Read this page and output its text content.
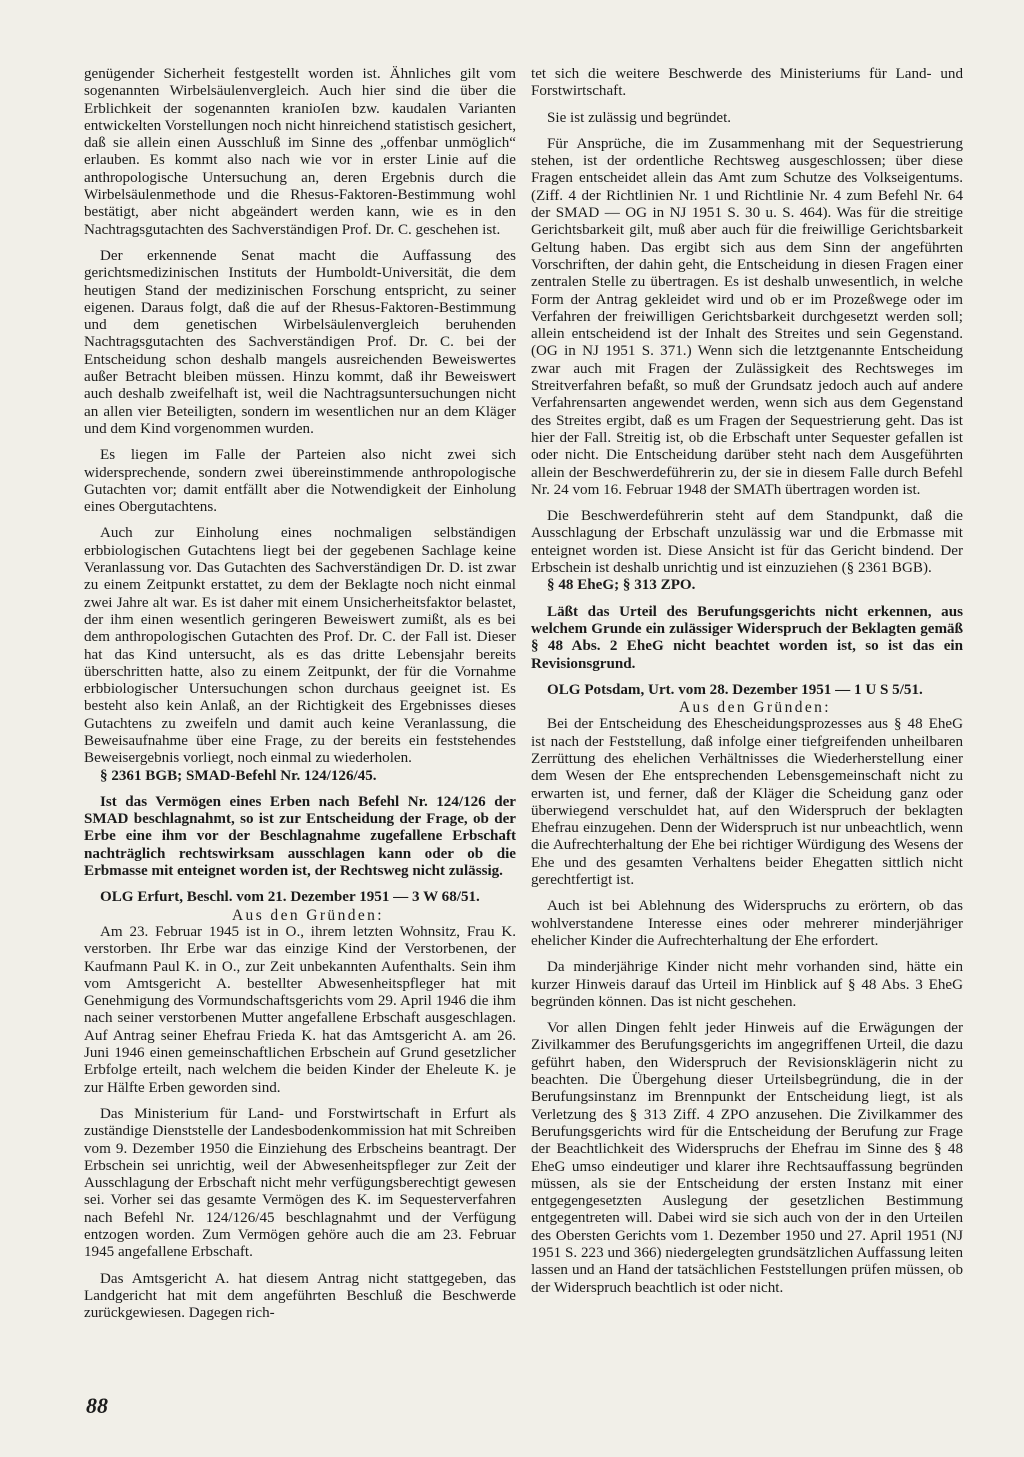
genügender Sicherheit festgestellt worden ist. Ähnliches gilt vom sogenannten Wirbelsäulenvergleich. Auch hier sind die über die Erblichkeit der sogenannten kranioIen bzw. kaudalen Varianten entwickelten Vorstellungen noch nicht hinreichend statistisch gesichert, daß sie allein einen Ausschluß im Sinne des „offenbar unmöglich“ erlauben. Es kommt also nach wie vor in erster Linie auf die anthropologische Untersuchung an, deren Ergebnis durch die Wirbelsäulenmethode und die Rhesus-Faktoren-Bestimmung wohl bestätigt, aber nicht abgeändert werden kann, wie es in den Nachtragsgutachten des Sachverständigen Prof. Dr. C. geschehen ist.

Der erkennende Senat macht die Auffassung des gerichtsmedizinischen Instituts der Humboldt-Universität, die dem heutigen Stand der medizinischen Forschung entspricht, zu seiner eigenen. Daraus folgt, daß die auf der Rhesus-Faktoren-Bestimmung und dem genetischen Wirbelsäulenvergleich beruhenden Nachtragsgutachten des Sachverständigen Prof. Dr. C. bei der Entscheidung schon deshalb mangels ausreichenden Beweiswertes außer Betracht bleiben müssen. Hinzu kommt, daß ihr Beweiswert auch deshalb zweifelhaft ist, weil die Nachtragsuntersuchungen nicht an allen vier Beteiligten, sondern im wesentlichen nur an dem Kläger und dem Kind vorgenommen wurden.

Es liegen im Falle der Parteien also nicht zwei sich widersprechende, sondern zwei übereinstimmende anthropologische Gutachten vor; damit entfällt aber die Notwendigkeit der Einholung eines Obergutachtens.

Auch zur Einholung eines nochmaligen selbständigen erbbiologischen Gutachtens liegt bei der gegebenen Sachlage keine Veranlassung vor. Das Gutachten des Sachverständigen Dr. D. ist zwar zu einem Zeitpunkt erstattet, zu dem der Beklagte noch nicht einmal zwei Jahre alt war. Es ist daher mit einem Unsicherheitsfaktor belastet, der ihm einen wesentlich geringeren Beweiswert zumißt, als es bei dem anthropologischen Gutachten des Prof. Dr. C. der Fall ist. Dieser hat das Kind untersucht, als es das dritte Lebensjahr bereits überschritten hatte, also zu einem Zeitpunkt, der für die Vornahme erbbiologischer Untersuchungen schon durchaus geeignet ist. Es besteht also kein Anlaß, an der Richtigkeit des Ergebnisses dieses Gutachtens zu zweifeln und damit auch keine Veranlassung, die Beweisaufnahme über eine Frage, zu der bereits ein feststehendes Beweisergebnis vorliegt, noch einmal zu wiederholen.

§ 2361 BGB; SMAD-Befehl Nr. 124/126/45.

Ist das Vermögen eines Erben nach Befehl Nr. 124/126 der SMAD beschlagnahmt, so ist zur Entscheidung der Frage, ob der Erbe eine ihm vor der Beschlagnahme zugefallene Erbschaft nachträglich rechtswirksam ausschlagen kann oder ob die Erbmasse mit enteignet worden ist, der Rechtsweg nicht zulässig.

OLG Erfurt, Beschl. vom 21. Dezember 1951 — 3 W 68/51.

Aus den Gründen:

Am 23. Februar 1945 ist in O., ihrem letzten Wohnsitz, Frau K. verstorben. Ihr Erbe war das einzige Kind der Verstorbenen, der Kaufmann Paul K. in O., zur Zeit unbekannten Aufenthalts. Sein ihm vom Amtsgericht A. bestellter Abwesenheitspfleger hat mit Genehmigung des Vormundschaftsgerichts vom 29. April 1946 die ihm nach seiner verstorbenen Mutter angefallene Erbschaft ausgeschlagen. Auf Antrag seiner Ehefrau Frieda K. hat das Amtsgericht A. am 26. Juni 1946 einen gemeinschaftlichen Erbschein auf Grund gesetzlicher Erbfolge erteilt, nach welchem die beiden Kinder der Eheleute K. je zur Hälfte Erben geworden sind.

Das Ministerium für Land- und Forstwirtschaft in Erfurt als zuständige Dienststelle der Landesbodenkommission hat mit Schreiben vom 9. Dezember 1950 die Einziehung des Erbscheins beantragt. Der Erbschein sei unrichtig, weil der Abwesenheitspfleger zur Zeit der Ausschlagung der Erbschaft nicht mehr verfügungsberechtigt gewesen sei. Vorher sei das gesamte Vermögen des K. im Sequesterverfahren nach Befehl Nr. 124/126/45 beschlagnahmt und der Verfügung entzogen worden. Zum Vermögen gehöre auch die am 23. Februar 1945 angefallene Erbschaft.

Das Amtsgericht A. hat diesem Antrag nicht stattgegeben, das Landgericht hat mit dem angeführten Beschluß die Beschwerde zurückgewiesen. Dagegen rich-

tet sich die weitere Beschwerde des Ministeriums für Land- und Forstwirtschaft.

Sie ist zulässig und begründet.

Für Ansprüche, die im Zusammenhang mit der Sequestrierung stehen, ist der ordentliche Rechtsweg ausgeschlossen; über diese Fragen entscheidet allein das Amt zum Schutze des Volkseigentums. (Ziff. 4 der Richtlinien Nr. 1 und Richtlinie Nr. 4 zum Befehl Nr. 64 der SMAD — OG in NJ 1951 S. 30 u. S. 464). Was für die streitige Gerichtsbarkeit gilt, muß aber auch für die freiwillige Gerichtsbarkeit Geltung haben. Das ergibt sich aus dem Sinn der angeführten Vorschriften, der dahin geht, die Entscheidung in diesen Fragen einer zentralen Stelle zu übertragen. Es ist deshalb unwesentlich, in welche Form der Antrag gekleidet wird und ob er im Prozeßwege oder im Verfahren der freiwilligen Gerichtsbarkeit durchgesetzt werden soll; allein entscheidend ist der Inhalt des Streites und sein Gegenstand. (OG in NJ 1951 S. 371.) Wenn sich die letztgenannte Entscheidung zwar auch mit Fragen der Zulässigkeit des Rechtsweges im Streitverfahren befaßt, so muß der Grundsatz jedoch auch auf andere Verfahrensarten angewendet werden, wenn sich aus dem Gegenstand des Streites ergibt, daß es um Fragen der Sequestrierung geht. Das ist hier der Fall. Streitig ist, ob die Erbschaft unter Sequester gefallen ist oder nicht. Die Entscheidung darüber steht nach dem Ausgeführten allein der Beschwerdeführerin zu, der sie in diesem Falle durch Befehl Nr. 24 vom 16. Februar 1948 der SMATh übertragen worden ist.

Die Beschwerdeführerin steht auf dem Standpunkt, daß die Ausschlagung der Erbschaft unzulässig war und die Erbmasse mit enteignet worden ist. Diese Ansicht ist für das Gericht bindend. Der Erbschein ist deshalb unrichtig und ist einzuziehen (§ 2361 BGB).

§ 48 EheG; § 313 ZPO.

Läßt das Urteil des Berufungsgerichts nicht erkennen, aus welchem Grunde ein zulässiger Widerspruch der Beklagten gemäß § 48 Abs. 2 EheG nicht beachtet worden ist, so ist das ein Revisionsgrund.

OLG Potsdam, Urt. vom 28. Dezember 1951 — 1 U S 5/51.

Aus den Gründen:

Bei der Entscheidung des Ehescheidungsprozesses aus § 48 EheG ist nach der Feststellung, daß infolge einer tiefgreifenden unheilbaren Zerrüttung des ehelichen Verhältnisses die Wiederherstellung einer dem Wesen der Ehe entsprechenden Lebensgemeinschaft nicht zu erwarten ist, und ferner, daß der Kläger die Scheidung ganz oder überwiegend verschuldet hat, auf den Widerspruch der beklagten Ehefrau einzugehen. Denn der Widerspruch ist nur unbeachtlich, wenn die Aufrechterhaltung der Ehe bei richtiger Würdigung des Wesens der Ehe und des gesamten Verhaltens beider Ehegatten sittlich nicht gerechtfertigt ist.

Auch ist bei Ablehnung des Widerspruchs zu erörtern, ob das wohlverstandene Interesse eines oder mehrerer minderjähriger ehelicher Kinder die Aufrechterhaltung der Ehe erfordert.

Da minderjährige Kinder nicht mehr vorhanden sind, hätte ein kurzer Hinweis darauf das Urteil im Hinblick auf § 48 Abs. 3 EheG begründen können. Das ist nicht geschehen.

Vor allen Dingen fehlt jeder Hinweis auf die Erwägungen der Zivilkammer des Berufungsgerichts im angegriffenen Urteil, die dazu geführt haben, den Widerspruch der Revisionsklägerin nicht zu beachten. Die Übergehung dieser Urteilsbegründung, die in der Berufungsinstanz im Brennpunkt der Entscheidung liegt, ist als Verletzung des § 313 Ziff. 4 ZPO anzusehen. Die Zivilkammer des Berufungsgerichts wird für die Entscheidung der Berufung zur Frage der Beachtlichkeit des Widerspruchs der Ehefrau im Sinne des § 48 EheG umso eindeutiger und klarer ihre Rechtsauffassung begründen müssen, als sie der Entscheidung der ersten Instanz mit einer entgegengesetzten Auslegung der gesetzlichen Bestimmung entgegentreten will. Dabei wird sie sich auch von der in den Urteilen des Obersten Gerichts vom 1. Dezember 1950 und 27. April 1951 (NJ 1951 S. 223 und 366) niedergelegten grundsätzlichen Auffassung leiten lassen und an Hand der tatsächlichen Feststellungen prüfen müssen, ob der Widerspruch beachtlich ist oder nicht.

88
